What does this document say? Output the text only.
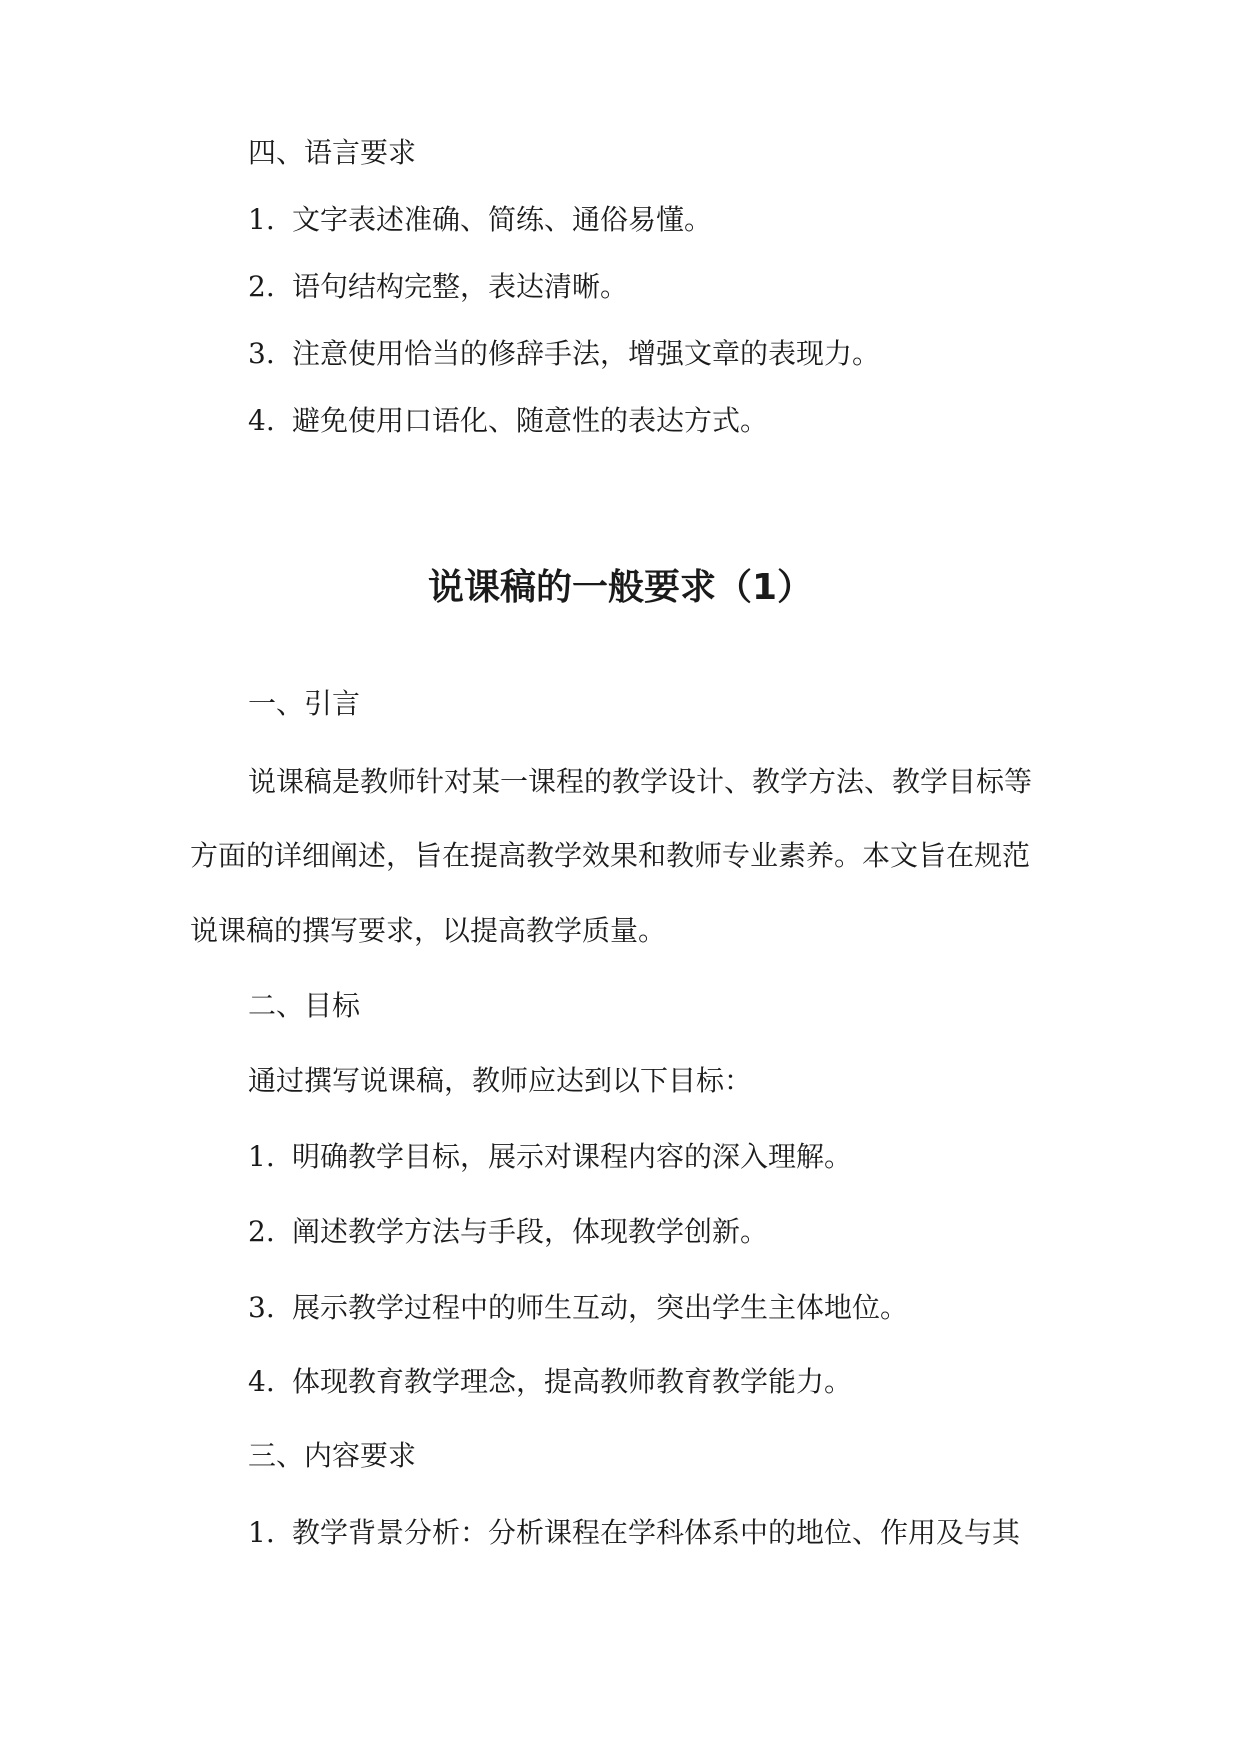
四、语言要求
1. 文字表述准确、简练、通俗易懂。
2. 语句结构完整，表达清晰。
3. 注意使用恰当的修辞手法，增强文章的表现力。
4. 避免使用口语化、随意性的表达方式。
说课稿的一般要求（1）
一、引言
说课稿是教师针对某一课程的教学设计、教学方法、教学目标等
方面的详细阐述，旨在提高教学效果和教师专业素养。本文旨在规范
说课稿的撰写要求，以提高教学质量。
二、目标
通过撰写说课稿，教师应达到以下目标：
1. 明确教学目标，展示对课程内容的深入理解。
2. 阐述教学方法与手段，体现教学创新。
3. 展示教学过程中的师生互动，突出学生主体地位。
4. 体现教育教学理念，提高教师教育教学能力。
三、内容要求
1. 教学背景分析：分析课程在学科体系中的地位、作用及与其
